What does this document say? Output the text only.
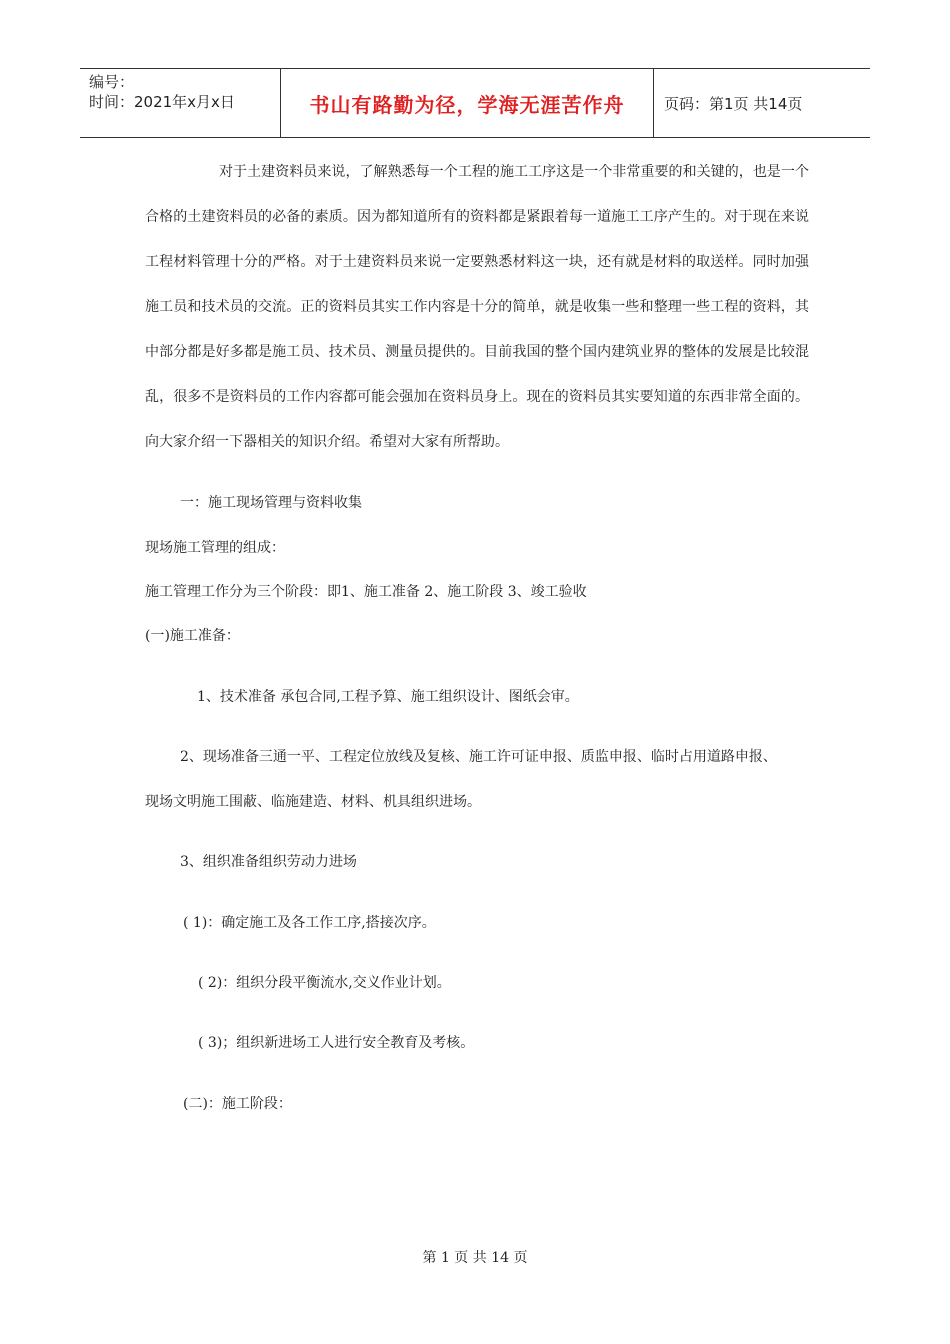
编号：
时间：2021年x月x日	书山有路勤为径，学海无涯苦作舟	页码：第1页 共14页

对于土建资料员来说，了解熟悉每一个工程的施工工序这是一个非常重要的和关键的，也是一个合格的土建资料员的必备的素质。因为都知道所有的资料都是紧跟着每一道施工工序产生的。对于现在来说工程材料管理十分的严格。对于土建资料员来说一定要熟悉材料这一块，还有就是材料的取送样。同时加强施工员和技术员的交流。正的资料员其实工作内容是十分的简单，就是收集一些和整理一些工程的资料，其中部分都是好多都是施工员、技术员、测量员提供的。目前我国的整个国内建筑业界的整体的发展是比较混乱，很多不是资料员的工作内容都可能会强加在资料员身上。现在的资料员其实要知道的东西非常全面的。向大家介绍一下器相关的知识介绍。希望对大家有所帮助。

一：施工现场管理与资料收集
现场施工管理的组成：
施工管理工作分为三个阶段：即1、施工准备 2、施工阶段 3、竣工验收
(一)施工准备：
1、技术准备 承包合同,工程予算、施工组织设计、图纸会审。
2、现场准备三通一平、工程定位放线及复核、施工许可证申报、质监申报、临时占用道路申报、
现场文明施工围蔽、临施建造、材料、机具组织进场。
3、组织准备组织劳动力进场
( 1)：确定施工及各工作工序,搭接次序。
( 2)：组织分段平衡流水,交义作业计划。
( 3)；组织新进场工人进行安全教育及考核。
(二)：施工阶段：
第 1 页 共 14 页
